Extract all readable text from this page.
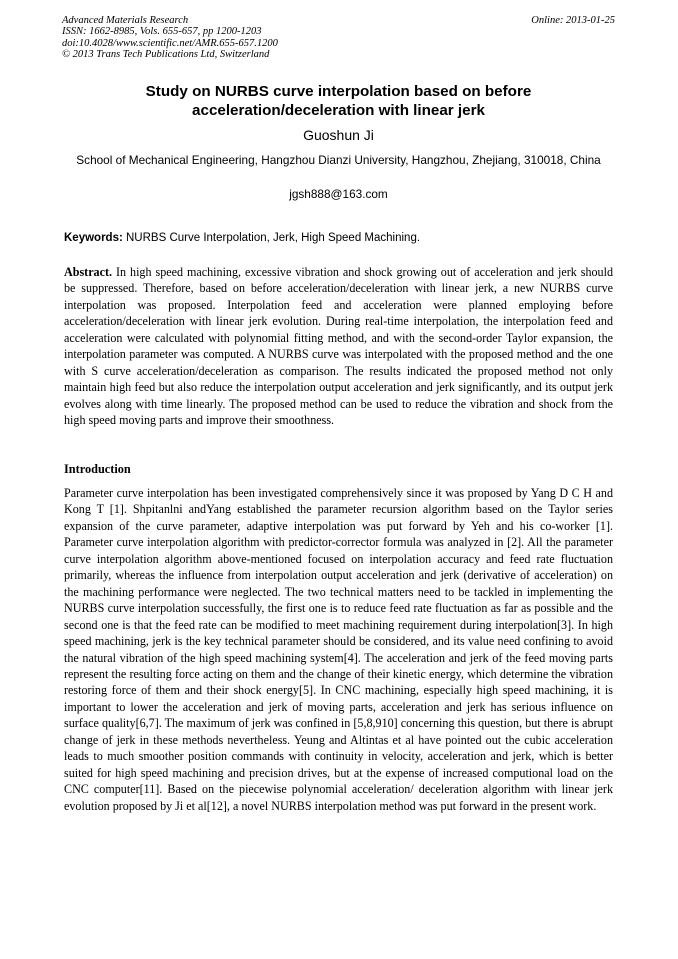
Advanced Materials Research
ISSN: 1662-8985, Vols. 655-657, pp 1200-1203
doi:10.4028/www.scientific.net/AMR.655-657.1200
© 2013 Trans Tech Publications Ltd, Switzerland
Online: 2013-01-25
Study on NURBS curve interpolation based on before
acceleration/deceleration with linear jerk
Guoshun Ji
School of Mechanical Engineering, Hangzhou Dianzi University, Hangzhou, Zhejiang, 310018, China
jgsh888@163.com
Keywords: NURBS Curve Interpolation, Jerk, High Speed Machining.
Abstract. In high speed machining, excessive vibration and shock growing out of acceleration and jerk should be suppressed. Therefore, based on before acceleration/deceleration with linear jerk, a new NURBS curve interpolation was proposed. Interpolation feed and acceleration were planned employing before acceleration/deceleration with linear jerk evolution. During real-time interpolation, the interpolation feed and acceleration were calculated with polynomial fitting method, and with the second-order Taylor expansion, the interpolation parameter was computed. A NURBS curve was interpolated with the proposed method and the one with S curve acceleration/deceleration as comparison. The results indicated the proposed method not only maintain high feed but also reduce the interpolation output acceleration and jerk significantly, and its output jerk evolves along with time linearly. The proposed method can be used to reduce the vibration and shock from the high speed moving parts and improve their smoothness.
Introduction
Parameter curve interpolation has been investigated comprehensively since it was proposed by Yang D C H and Kong T [1]. Shpitanlni andYang established the parameter recursion algorithm based on the Taylor series expansion of the curve parameter, adaptive interpolation was put forward by Yeh and his co-worker [1]. Parameter curve interpolation algorithm with predictor-corrector formula was analyzed in [2]. All the parameter curve interpolation algorithm above-mentioned focused on interpolation accuracy and feed rate fluctuation primarily, whereas the influence from interpolation output acceleration and jerk (derivative of acceleration) on the machining performance were neglected. The two technical matters need to be tackled in implementing the NURBS curve interpolation successfully, the first one is to reduce feed rate fluctuation as far as possible and the second one is that the feed rate can be modified to meet machining requirement during interpolation[3]. In high speed machining, jerk is the key technical parameter should be considered, and its value need confining to avoid the natural vibration of the high speed machining system[4]. The acceleration and jerk of the feed moving parts represent the resulting force acting on them and the change of their kinetic energy, which determine the vibration restoring force of them and their shock energy[5]. In CNC machining, especially high speed machining, it is important to lower the acceleration and jerk of moving parts, acceleration and jerk has serious influence on surface quality[6,7]. The maximum of jerk was confined in [5,8,910] concerning this question, but there is abrupt change of jerk in these methods nevertheless. Yeung and Altintas et al have pointed out the cubic acceleration leads to much smoother position commands with continuity in velocity, acceleration and jerk, which is better suited for high speed machining and precision drives, but at the expense of increased computional load on the CNC computer[11]. Based on the piecewise polynomial acceleration/ deceleration algorithm with linear jerk evolution proposed by Ji et al[12], a novel NURBS interpolation method was put forward in the present work.
